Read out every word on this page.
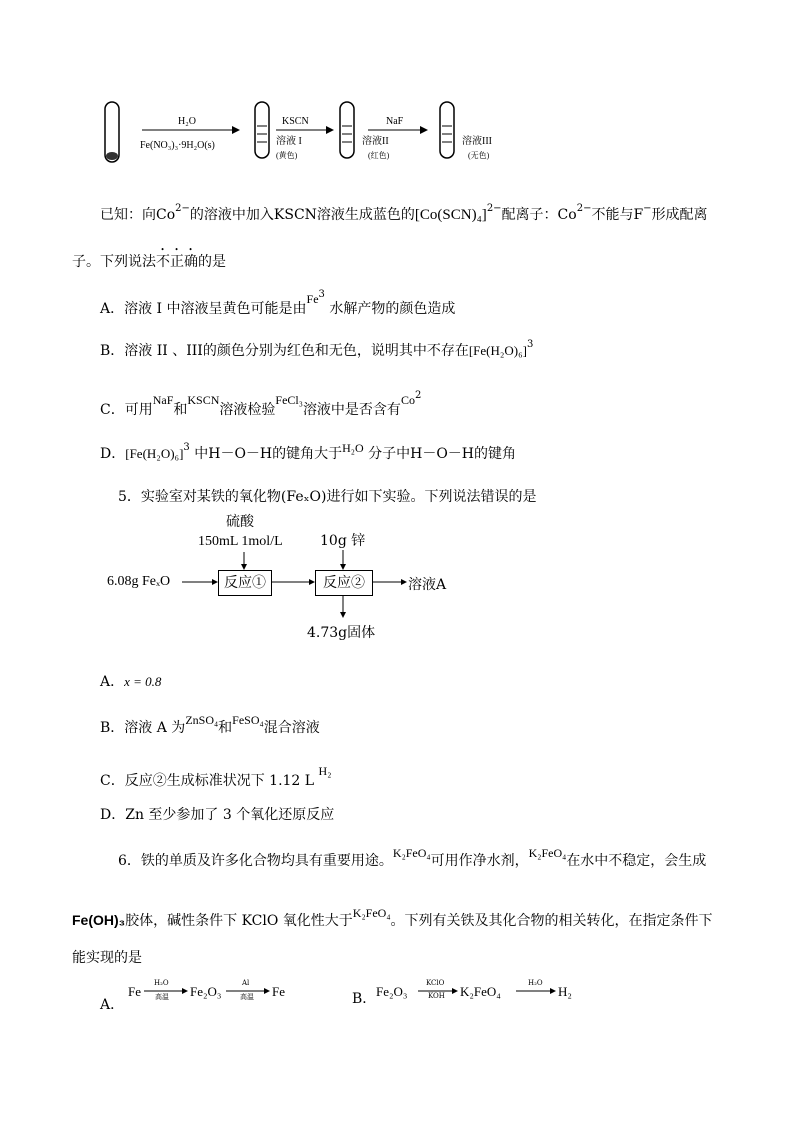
H₂O
Fe(NO₃)₃·9H₂O(s)	溶液 I
(黄色)
KSCN
溶液II
(红色)
NaF
溶液III
(无色)
已知：向$Co^{2-}$的溶液中加入KSCN溶液生成蓝色的$[Co(SCN)_4]^{2-}$配离子：$Co^{2-}$不能与F−形成配离
子。下列说法不正确的是
A．溶液 I 中溶液呈黄色可能是由Fe$^3$ 水解产物的颜色造成
B．溶液 II 、III的颜色分别为红色和无色，说明其中不存在$[Fe(H_2O)_6]^3$
C．可用NaF和KSCN溶液检验FeCl₃溶液中是否含有Co$^2$
D．$[Fe(H_2O)_6]^3$ 中H－O－H的键角大于H₂O 分子中H－O－H的键角
5．实验室对某铁的氧化物(FeₓO)进行如下实验。下列说法错误的是
硫酸
150mL 1mol/L	10g 锌
6.08g FeₓO	反应①	反应②	溶液A
4.73g固体
A．x = 0.8
B．溶液 A 为ZnSO₄和FeSO₄混合溶液
C．反应②生成标准状况下 1.12 L H₂
D．Zn 至少参加了 3 个氧化还原反应
6．铁的单质及许多化合物均具有重要用途。K₂FeO₄可用作净水剂，K₂FeO₄在水中不稳定，会生成
Fe(OH)₃胶体，碱性条件下 KClO 氧化性大于K₂FeO₄。下列有关铁及其化合物的相关转化，在指定条件下
能实现的是
A．
Fe
H₂O
高温 Fe₂O₃
Al
高温 Fe	B． Fe₂O₃
KClO
KOH K₂FeO₄
H₂O
H₂
